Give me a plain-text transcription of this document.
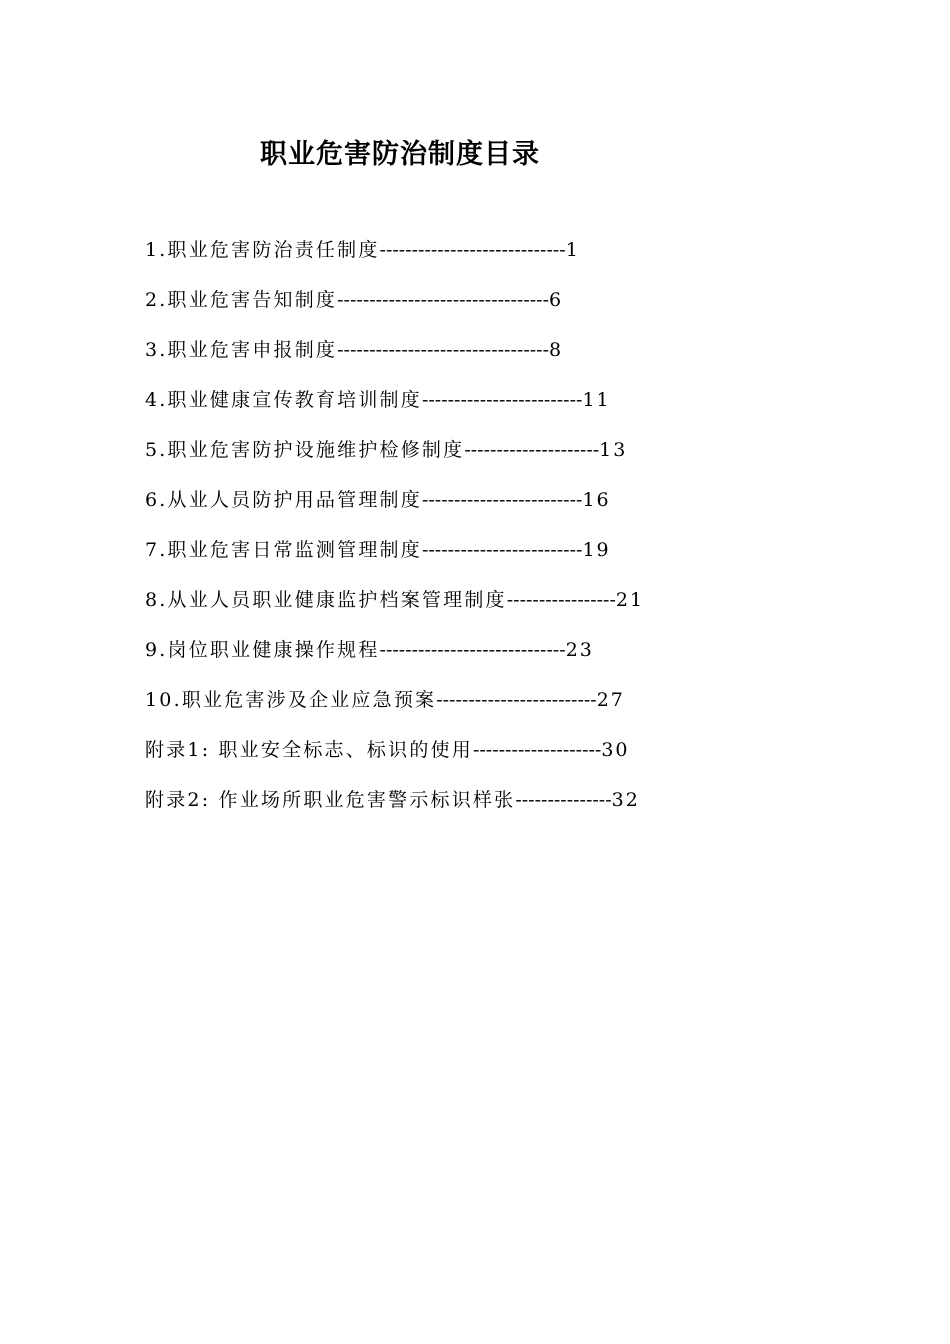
职业危害防治制度目录
1.职业危害防治责任制度-----------------------------1
2.职业危害告知制度---------------------------------6
3.职业危害申报制度---------------------------------8
4.职业健康宣传教育培训制度-------------------------11
5.职业危害防护设施维护检修制度---------------------13
6.从业人员防护用品管理制度-------------------------16
7.职业危害日常监测管理制度-------------------------19
8.从业人员职业健康监护档案管理制度-----------------21
9.岗位职业健康操作规程-----------------------------23
10.职业危害涉及企业应急预案-------------------------27
附录1: 职业安全标志、标识的使用--------------------30
附录2: 作业场所职业危害警示标识样张---------------32
